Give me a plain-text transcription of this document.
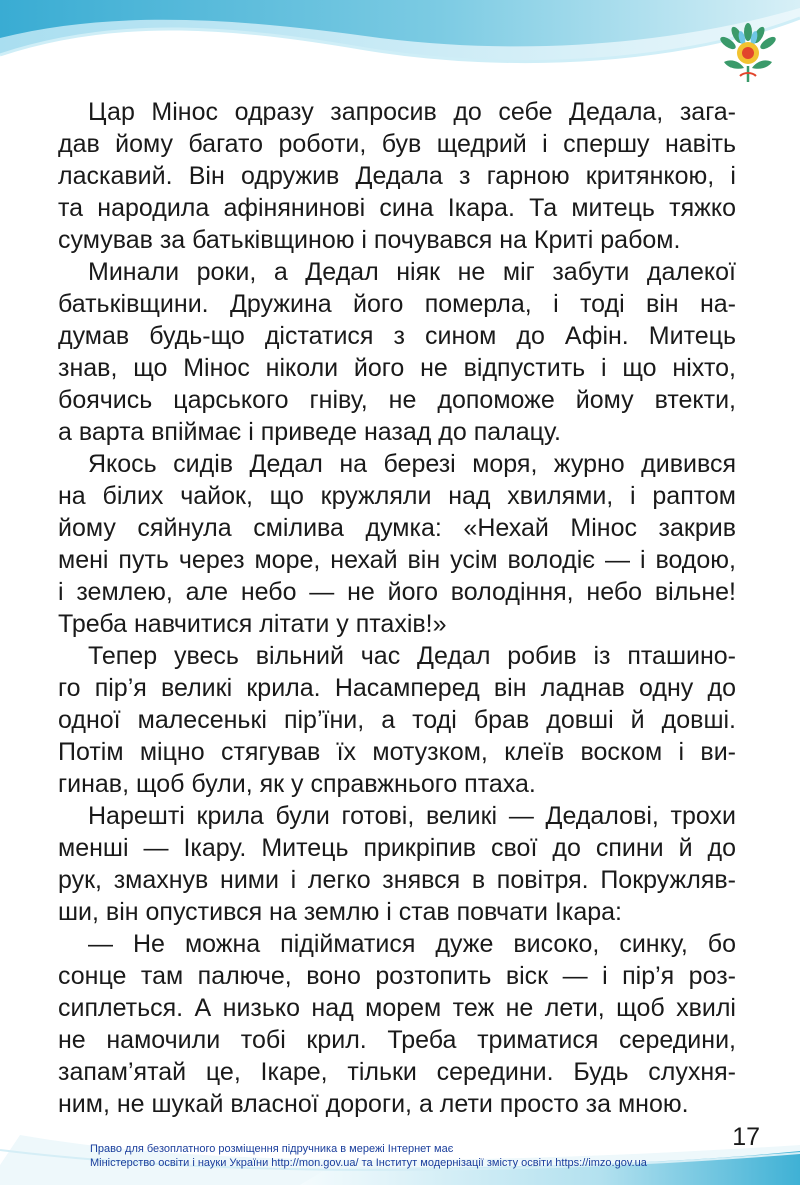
Цар Мінос одразу запросив до себе Дедала, зага-
дав йому багато роботи, був щедрий і спершу навіть
ласкавий. Він одружив Дедала з гарною критянкою, і
та народила афінянинові сина Ікара. Та митець тяжко
сумував за батьківщиною і почувався на Криті рабом.
Минали роки, а Дедал ніяк не міг забути далекої
батьківщини. Дружина його померла, і тоді він на-
думав будь-що дістатися з сином до Афін. Митець
знав, що Мінос ніколи його не відпустить і що ніхто,
боячись царського гніву, не допоможе йому втекти,
а варта впіймає і приведе назад до палацу.
Якось сидів Дедал на березі моря, журно дивився
на білих чайок, що кружляли над хвилями, і раптом
йому сяйнула смілива думка: «Нехай Мінос закрив
мені путь через море, нехай він усім володіє — і водою,
і землею, але небо — не його володіння, небо вільне!
Треба навчитися літати у птахів!»
Тепер увесь вільний час Дедал робив із пташино-
го пір’я великі крила. Насамперед він ладнав одну до
одної малесенькі пір’їни, а тоді брав довші й довші.
Потім міцно стягував їх мотузком, клеїв воском і ви-
гинав, щоб були, як у справжнього птаха.
Нарешті крила були готові, великі — Дедалові, трохи
менші — Ікару. Митець прикріпив свої до спини й до
рук, змахнув ними і легко знявся в повітря. Покружляв-
ши, він опустився на землю і став повчати Ікара:
— Не можна підійматися дуже високо, синку, бо
сонце там палюче, воно розтопить віск — і пір’я роз-
сиплеться. А низько над морем теж не лети, щоб хвилі
не намочили тобі крил. Треба триматися середини,
запам’ятай це, Ікаре, тільки середини. Будь слухня-
ним, не шукай власної дороги, а лети просто за мною.
17
Право для безоплатного розміщення підручника в мережі Інтернет має
Міністерство освіти і науки України http://mon.gov.ua/ та Інститут модернізації змісту освіти https://imzo.gov.ua
